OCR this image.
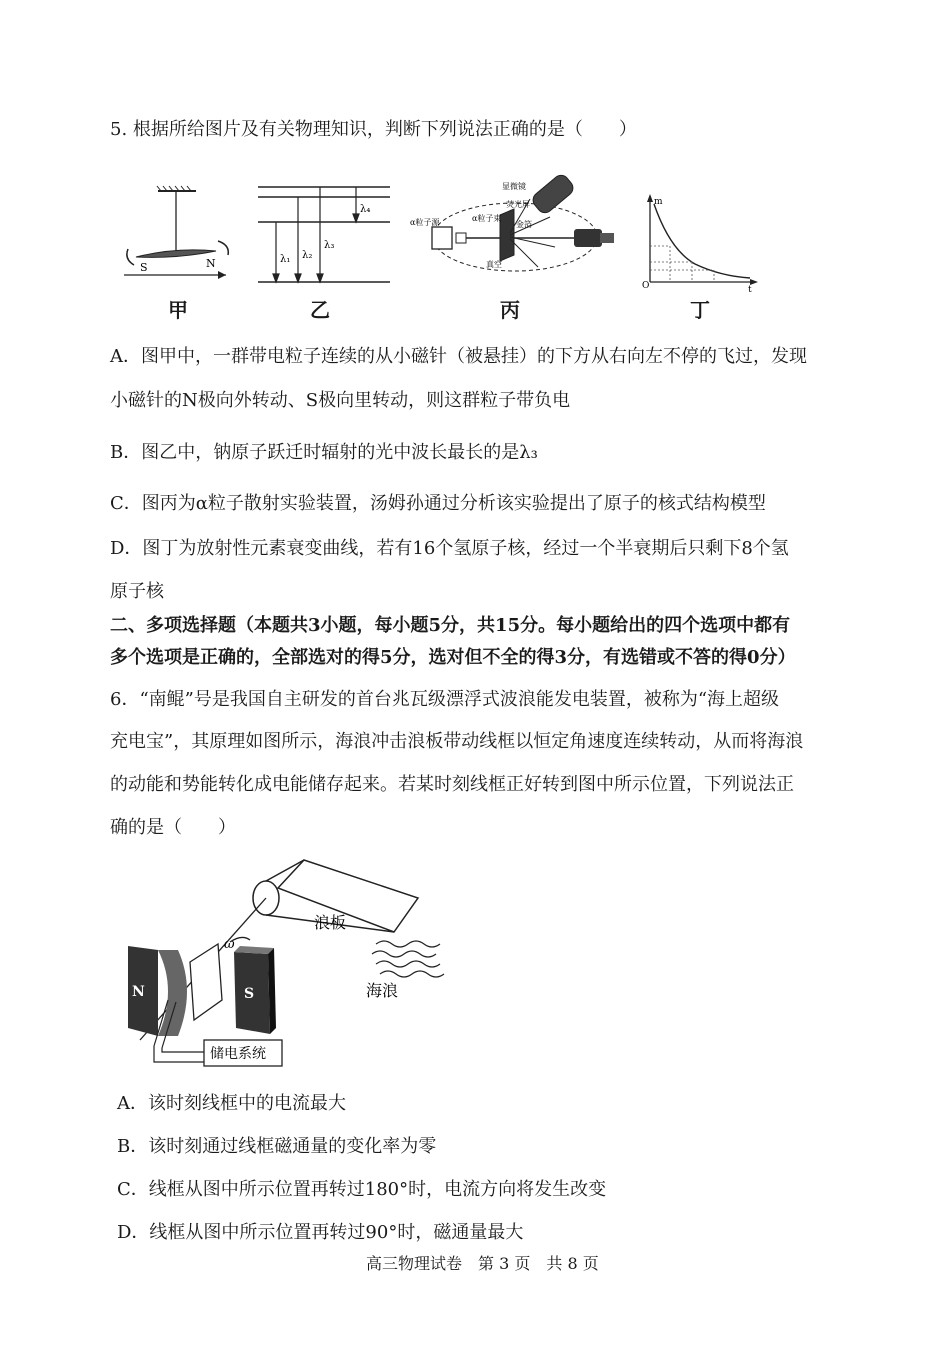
5. 根据所给图片及有关物理知识，判断下列说法正确的是（　　）
S	N	λ₁ λ₂
λ₃
λ₄
α粒子源
显微镜
荧光屏
金箔
真空
α粒子束
m
O	t
甲	乙	丙	丁
A．图甲中，一群带电粒子连续的从小磁针（被悬挂）的下方从右向左不停的飞过，发现
小磁针的N极向外转动、S极向里转动，则这群粒子带负电
B．图乙中，钠原子跃迁时辐射的光中波长最长的是λ₃
C．图丙为α粒子散射实验装置，汤姆孙通过分析该实验提出了原子的核式结构模型
D．图丁为放射性元素衰变曲线，若有16个氢原子核，经过一个半衰期后只剩下8个氢
原子核
二、多项选择题（本题共3小题，每小题5分，共15分。每小题给出的四个选项中都有
多个选项是正确的，全部选对的得5分，选对但不全的得3分，有选错或不答的得0分）
6．“南鲲”号是我国自主研发的首台兆瓦级漂浮式波浪能发电装置，被称为“海上超级
充电宝”，其原理如图所示，海浪冲击浪板带动线框以恒定角速度连续转动，从而将海浪
的动能和势能转化成电能储存起来。若某时刻线框正好转到图中所示位置，下列说法正
确的是（　　）
浪板
海浪
ω
N	S
储电系统
A．该时刻线框中的电流最大
B．该时刻通过线框磁通量的变化率为零
C．线框从图中所示位置再转过180°时，电流方向将发生改变
D．线框从图中所示位置再转过90°时，磁通量最大
高三物理试卷　第 3 页　共 8 页
